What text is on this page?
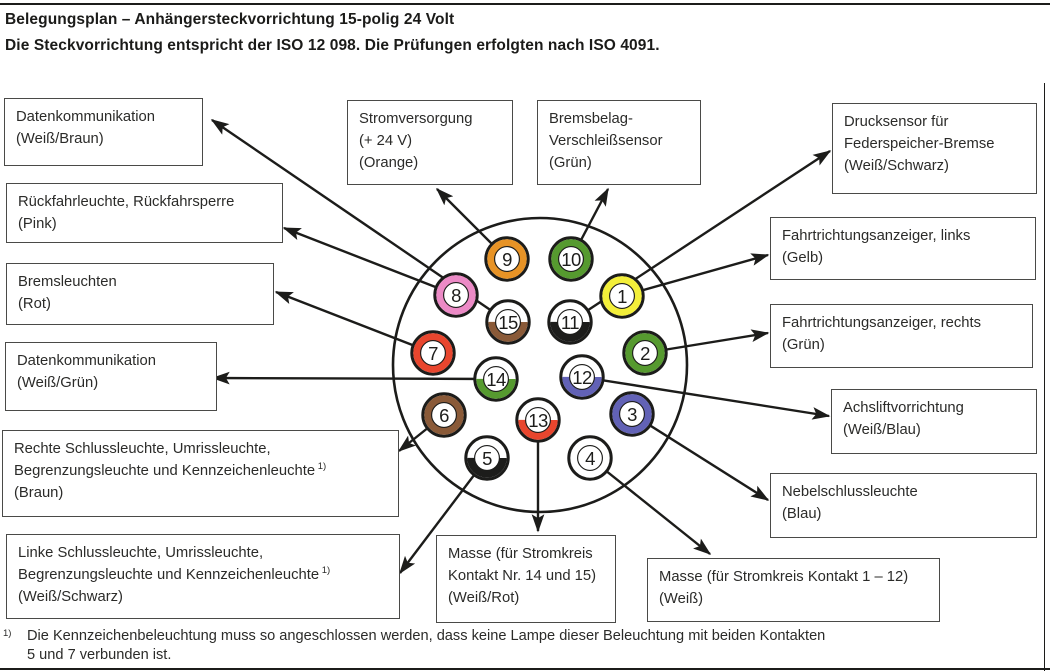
Belegungsplan – Anhängersteckvorrichtung 15-polig 24 Volt
Die Steckvorrichtung entspricht der ISO 12 098. Die Prüfungen erfolgten nach ISO 4091.
1
2
3
4
5
6
7
8
9	10
11
12
13
14
15
Datenkommunikation
(Weiß/Braun)
Rückfahrleuchte, Rückfahrsperre
(Pink)
Bremsleuchten
(Rot)
Datenkommunikation
(Weiß/Grün)
Rechte Schlussleuchte, Umrissleuchte,
Begrenzungsleuchte und Kennzeichenleuchte $^{1)}$
(Braun)
Linke Schlussleuchte, Umrissleuchte,
Begrenzungsleuchte und Kennzeichenleuchte $^{1)}$
(Weiß/Schwarz)
Stromversorgung
(+ 24 V)
(Orange)
Bremsbelag-
Verschleißsensor
(Grün)
Drucksensor für
Federspeicher-Bremse
(Weiß/Schwarz)
Fahrtrichtungsanzeiger, links
(Gelb)
Fahrtrichtungsanzeiger, rechts
(Grün)
Achsliftvorrichtung
(Weiß/Blau)
Nebelschlussleuchte
(Blau)
Masse (für Stromkreis
Kontakt Nr. 14 und 15)
(Weiß/Rot)
Masse (für Stromkreis Kontakt 1 – 12)
(Weiß)
1)	Die Kennzeichenbeleuchtung muss so angeschlossen werden, dass keine Lampe dieser Beleuchtung mit beiden Kontakten
5 und 7 verbunden ist.
